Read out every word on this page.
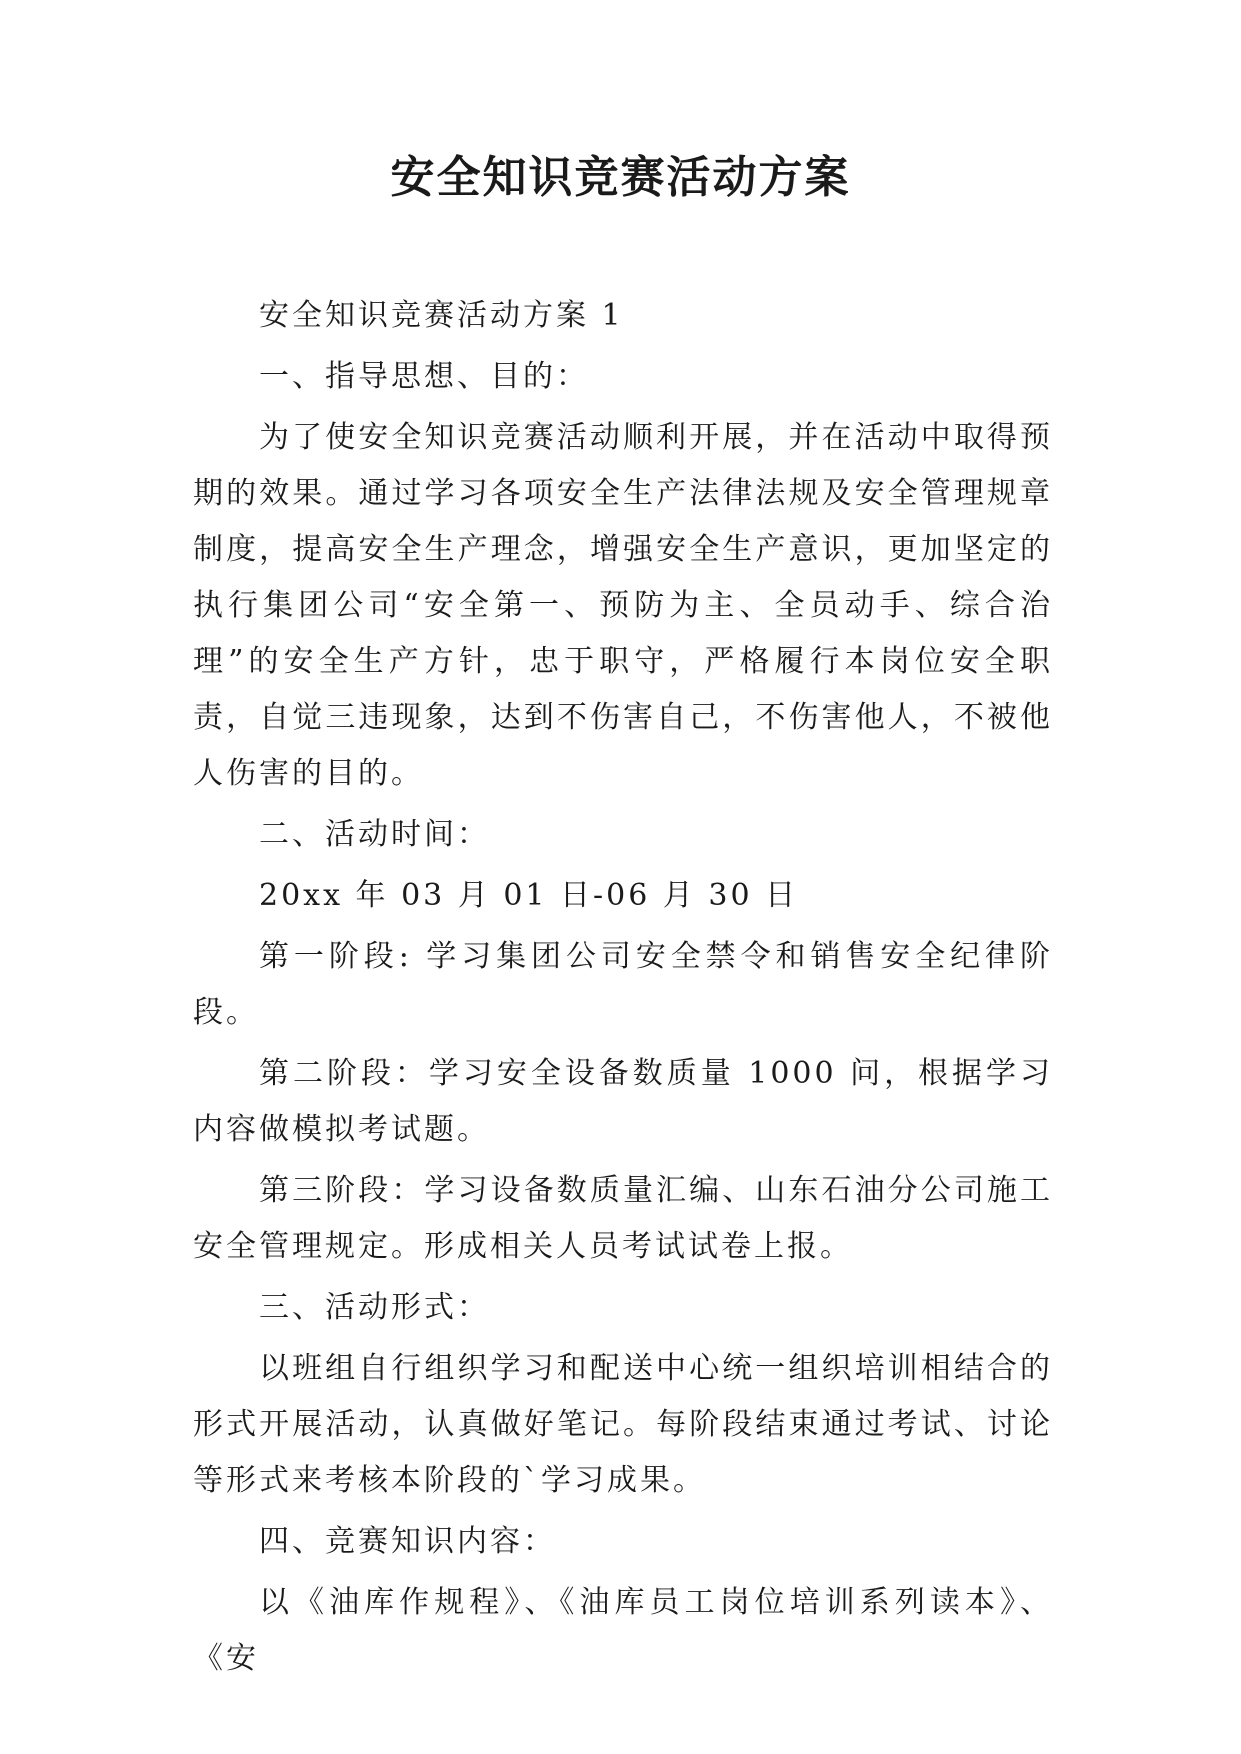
安全知识竞赛活动方案

安全知识竞赛活动方案 1

一、指导思想、目的：

为了使安全知识竞赛活动顺利开展，并在活动中取得预期的效果。通过学习各项安全生产法律法规及安全管理规章制度，提高安全生产理念，增强安全生产意识，更加坚定的执行集团公司“安全第一、预防为主、全员动手、综合治理”的安全生产方针，忠于职守，严格履行本岗位安全职责，自觉三违现象，达到不伤害自己，不伤害他人，不被他人伤害的目的。

二、活动时间：

20xx 年 03 月 01 日-06 月 30 日

第一阶段: 学习集团公司安全禁令和销售安全纪律阶段。

第二阶段：学习安全设备数质量 1000 问，根据学习内容做模拟考试题。

第三阶段：学习设备数质量汇编、山东石油分公司施工安全管理规定。形成相关人员考试试卷上报。

三、活动形式：

以班组自行组织学习和配送中心统一组织培训相结合的形式开展活动，认真做好笔记。每阶段结束通过考试、讨论等形式来考核本阶段的`学习成果。

四、竞赛知识内容：

以《油库作规程》、《油库员工岗位培训系列读本》、《安
